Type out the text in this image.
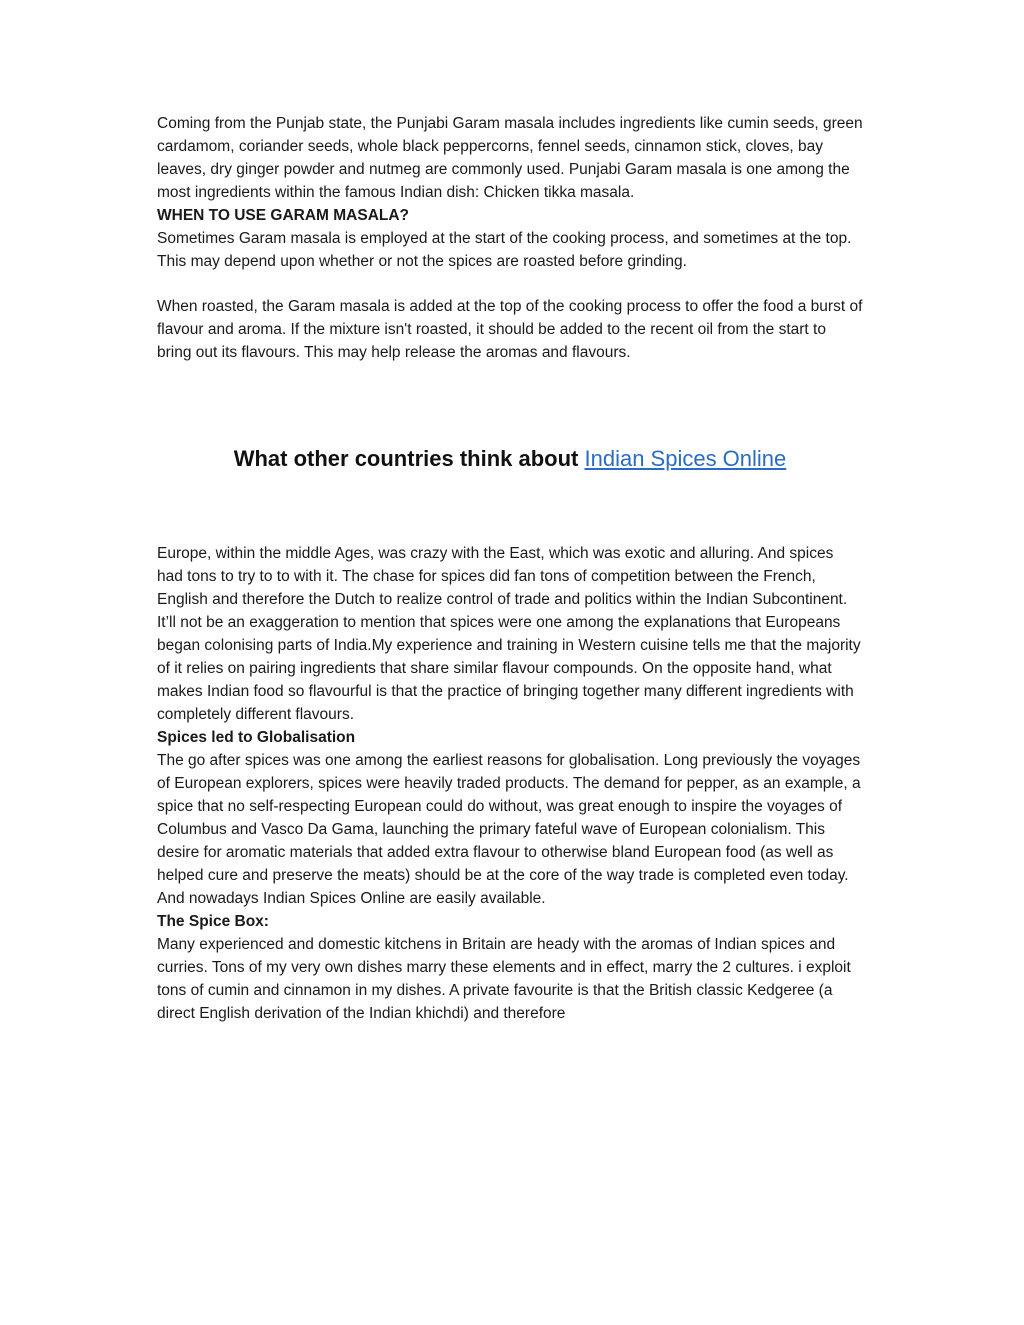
Coming from the Punjab state, the Punjabi Garam masala includes ingredients like cumin seeds, green cardamom, coriander seeds, whole black peppercorns, fennel seeds, cinnamon stick, cloves, bay leaves, dry ginger powder and nutmeg are commonly used. Punjabi Garam masala is one among the most ingredients within the famous Indian dish: Chicken tikka masala.

WHEN TO USE GARAM MASALA?

Sometimes Garam masala is employed at the start of the cooking process, and sometimes at the top. This may depend upon whether or not the spices are roasted before grinding.

When roasted, the Garam masala is added at the top of the cooking process to offer the food a burst of flavour and aroma. If the mixture isn't roasted, it should be added to the recent oil from the start to bring out its flavours. This may help release the aromas and flavours.

What other countries think about Indian Spices Online

Europe, within the middle Ages, was crazy with the East, which was exotic and alluring. And spices had tons to try to to with it. The chase for spices did fan tons of competition between the French, English and therefore the Dutch to realize control of trade and politics within the Indian Subcontinent. It’ll not be an exaggeration to mention that spices were one among the explanations that Europeans began colonising parts of India.My experience and training in Western cuisine tells me that the majority of it relies on pairing ingredients that share similar flavour compounds. On the opposite hand, what makes Indian food so flavourful is that the practice of bringing together many different ingredients with completely different flavours.

Spices led to Globalisation

The go after spices was one among the earliest reasons for globalisation. Long previously the voyages of European explorers, spices were heavily traded products. The demand for pepper, as an example, a spice that no self-respecting European could do without, was great enough to inspire the voyages of Columbus and Vasco Da Gama, launching the primary fateful wave of European colonialism. This desire for aromatic materials that added extra flavour to otherwise bland European food (as well as helped cure and preserve the meats) should be at the core of the way trade is completed even today. And nowadays Indian Spices Online are easily available.

The Spice Box:

Many experienced and domestic kitchens in Britain are heady with the aromas of Indian spices and curries. Tons of my very own dishes marry these elements and in effect, marry the 2 cultures. i exploit tons of cumin and cinnamon in my dishes. A private favourite is that the British classic Kedgeree (a direct English derivation of the Indian khichdi) and therefore
